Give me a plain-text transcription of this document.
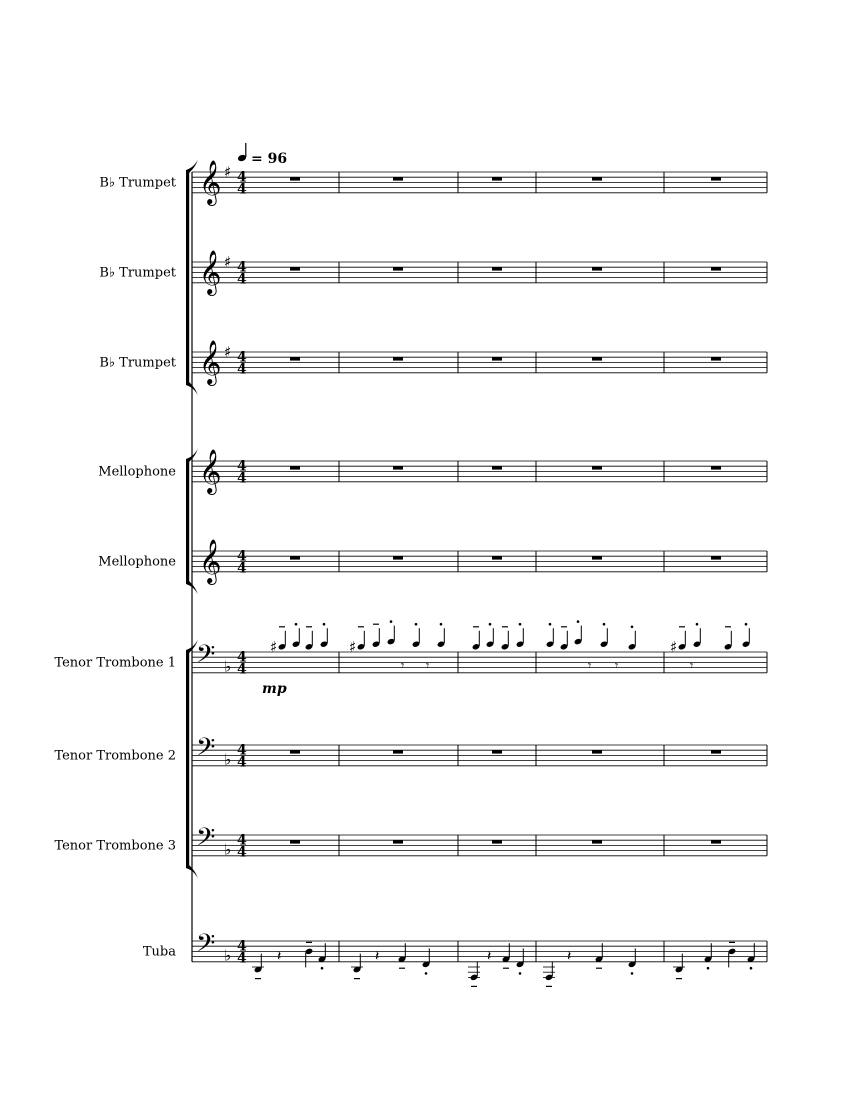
= 96
B♭ Trumpet 𝄞 ♯ 4
4
B♭ Trumpet 𝄞 ♯ 4
4
B♭ Trumpet 𝄞 ♯ 4
4
Mellophone 𝄞 4
4
Mellophone 𝄞 4
4
Tenor Trombone 1 𝄢 ♭
4
4
mp
Tenor Trombone 2 𝄢 ♭
4
4
Tenor Trombone 3 𝄢 ♭
4
4
Tuba 𝄢 ♭
4
4
♯	♯
𝄾 𝄾	𝄾 𝄾
♯
𝄽	𝄽	𝄽	𝄽
𝄾
